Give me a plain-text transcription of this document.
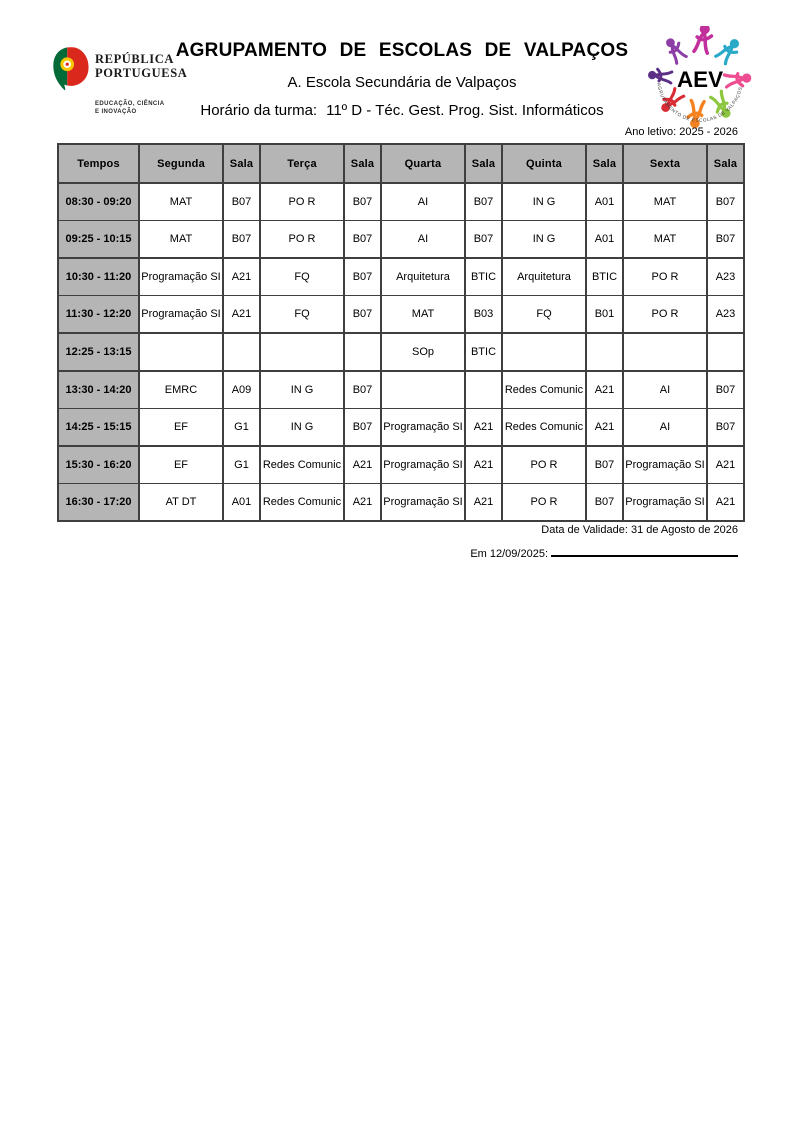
REPÚBLICA
PORTUGUESA
EDUCAÇÃO, CIÊNCIA
E INOVAÇÃO
AGRUPAMENTO DE ESCOLAS DE VALPAÇOS
A. Escola Secundária de Valpaços
Horário da turma: 11º D - Téc. Gest. Prog. Sist. Informáticos
AEV
AGRUPAMENTO DE ESCOLAS DE VALPAÇOS
Ano letivo: 2025 - 2026
Tempos	Segunda	Sala	Terça	Sala	Quarta	Sala	Quinta	Sala	Sexta	Sala
08:30 - 09:20	MAT	B07	PO R	B07	AI	B07	IN G	A01	MAT	B07
09:25 - 10:15	MAT	B07	PO R	B07	AI	B07	IN G	A01	MAT	B07
10:30 - 11:20	Programação SI	A21	FQ	B07	Arquitetura	BTIC	Arquitetura	BTIC	PO R	A23
11:30 - 12:20	Programação SI	A21	FQ	B07	MAT	B03	FQ	B01	PO R	A23
12:25 - 13:15					SOp	BTIC				
13:30 - 14:20	EMRC	A09	IN G	B07			Redes Comunic	A21	AI	B07
14:25 - 15:15	EF	G1	IN G	B07	Programação SI	A21	Redes Comunic	A21	AI	B07
15:30 - 16:20	EF	G1	Redes Comunic	A21	Programação SI	A21	PO R	B07	Programação SI	A21
16:30 - 17:20	AT DT	A01	Redes Comunic	A21	Programação SI	A21	PO R	B07	Programação SI	A21
Data de Validade: 31 de Agosto de 2026
Em 12/09/2025:
